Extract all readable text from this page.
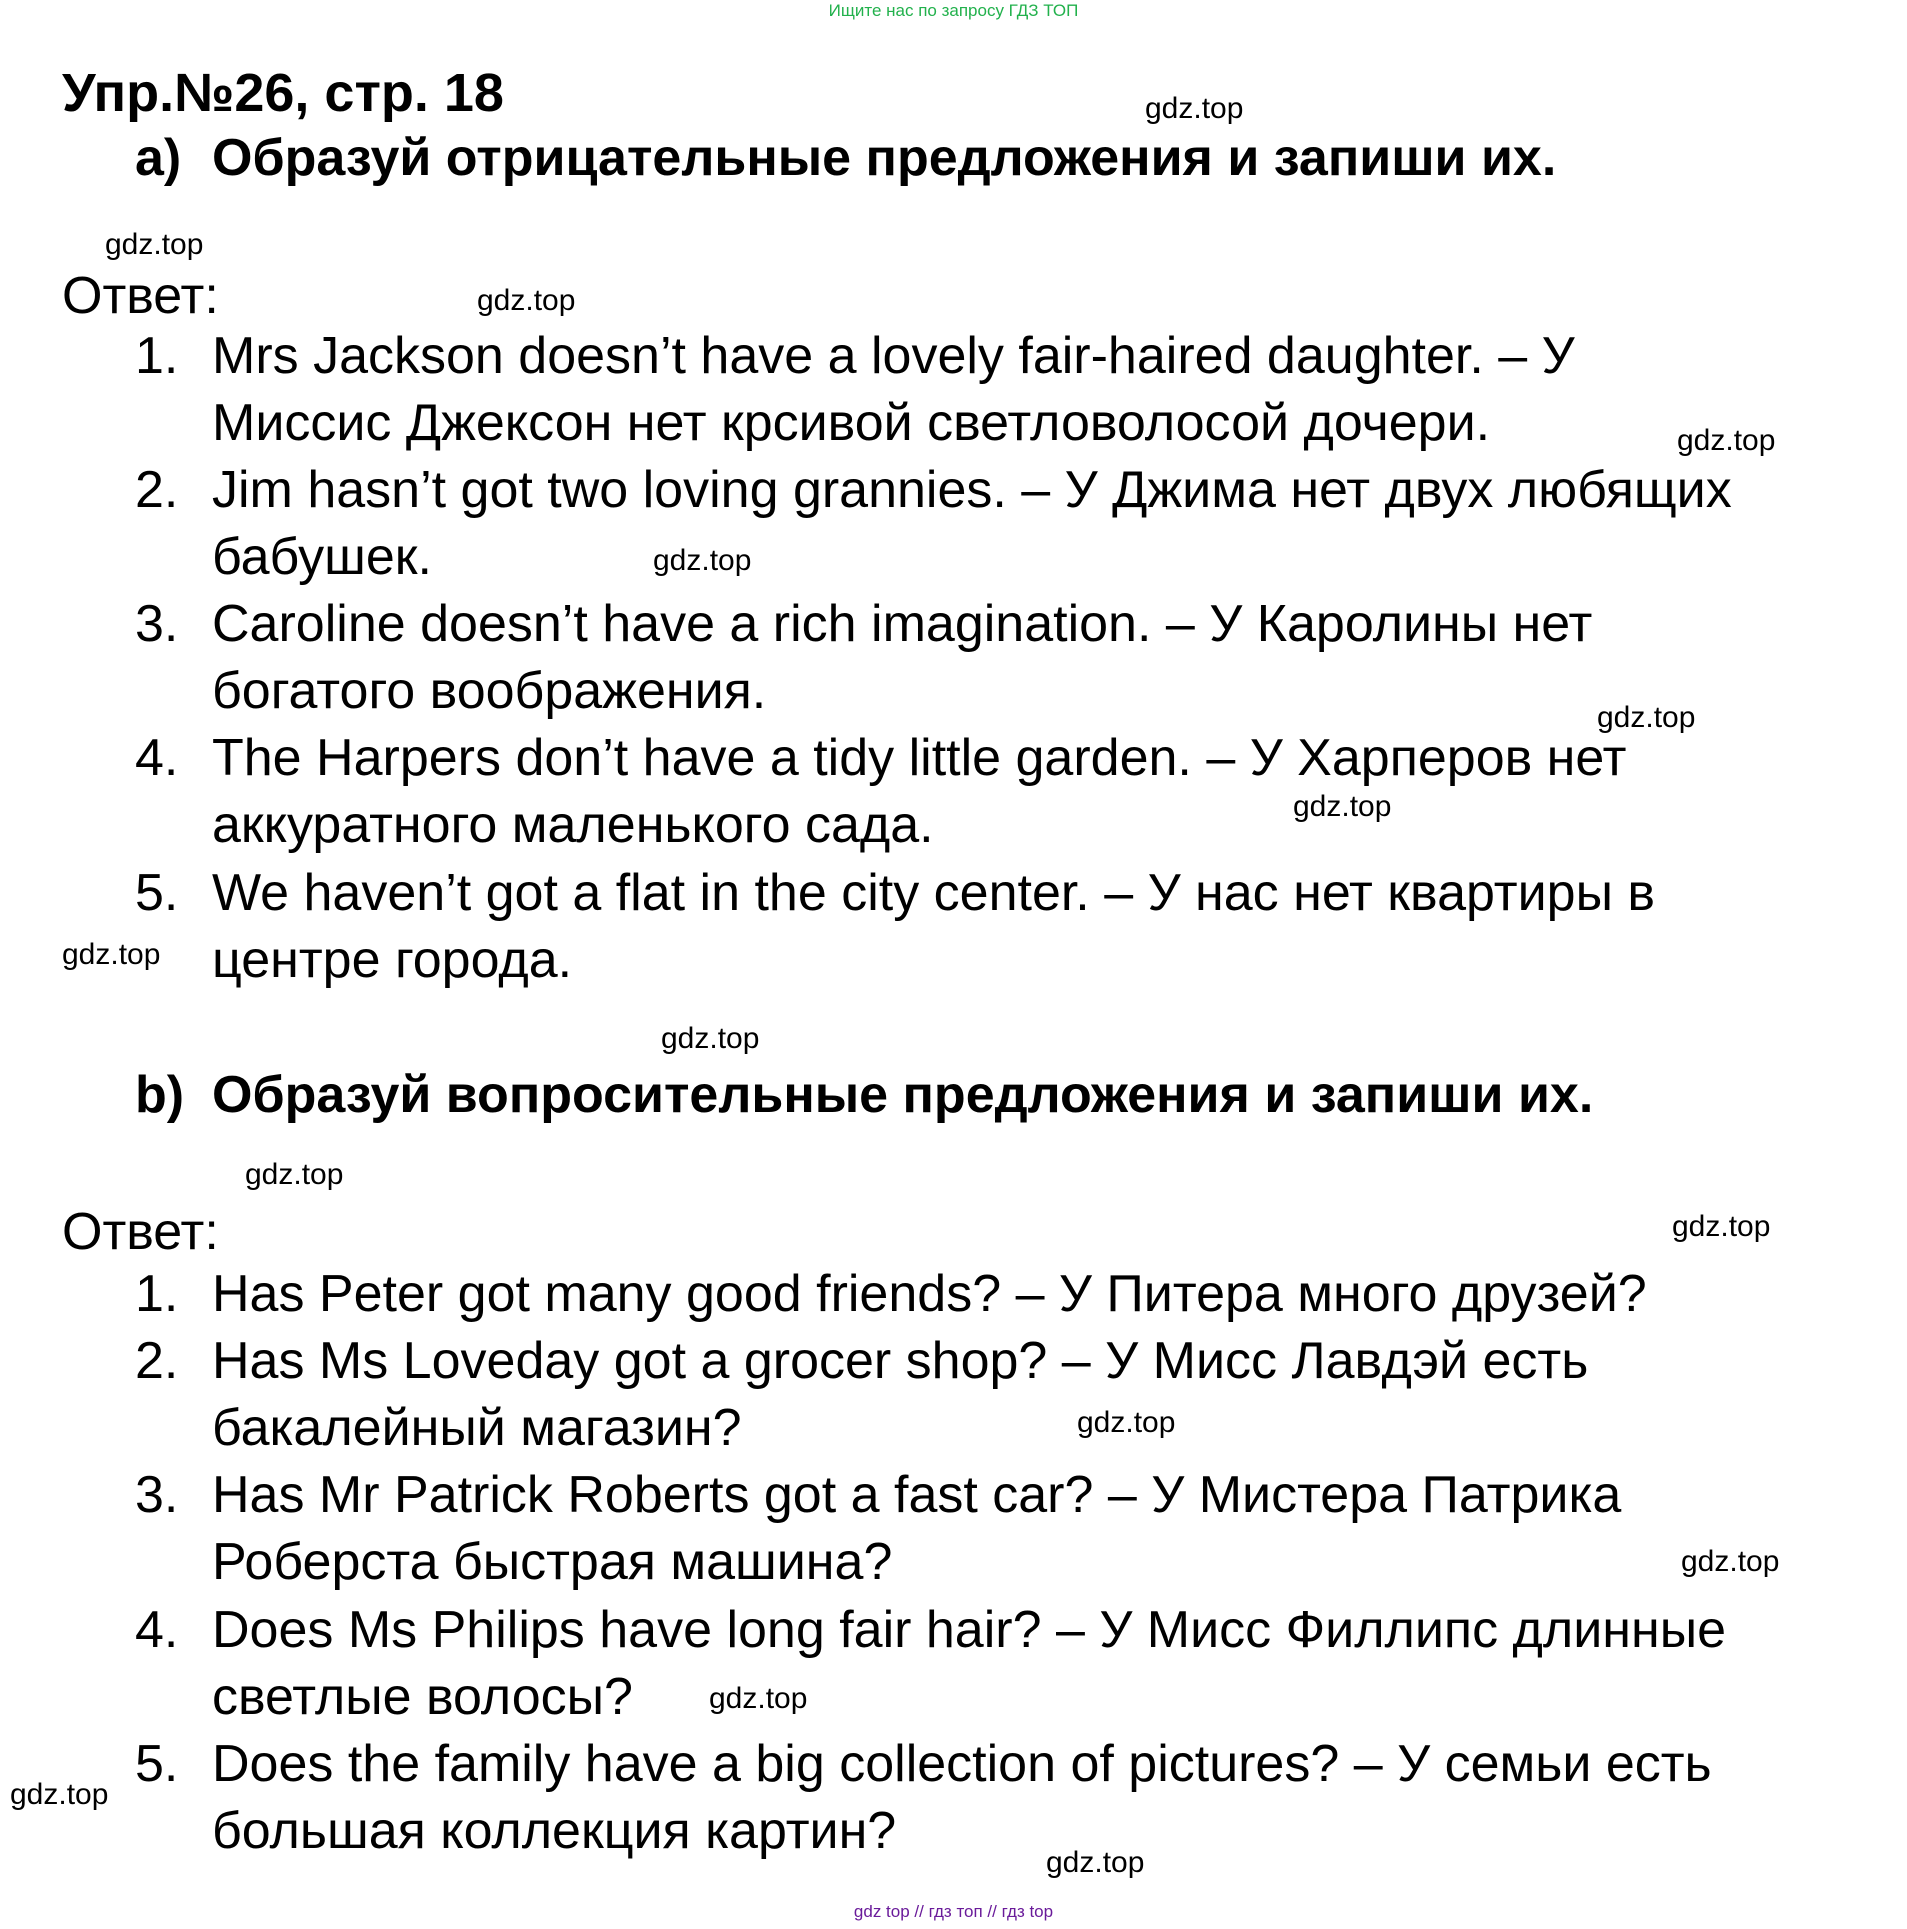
Ищите нас по запросу ГДЗ ТОП
Упр.№26, стр. 18
a) Образуй отрицательные предложения и запиши их.
Ответ:
1. Mrs Jackson doesn’t have a lovely fair-haired daughter. – У
Миссис Джексон нет крсивой светловолосой дочери.
2. Jim hasn’t got two loving grannies. – У Джима нет двух любящих
бабушек.
3. Caroline doesn’t have a rich imagination. – У Каролины нет
богатого воображения.
4. The Harpers don’t have a tidy little garden. – У Харперов нет
аккуратного маленького сада.
5. We haven’t got a flat in the city center. – У нас нет квартиры в
центре города.
b) Образуй вопросительные предложения и запиши их.
Ответ:
1. Has Peter got many good friends? – У Питера много друзей?
2. Has Ms Loveday got a grocer shop? – У Мисс Лавдэй есть
бакалейный магазин?
3. Has Mr Patrick Roberts got a fast car? – У Мистера Патрика
Роберста быстрая машина?
4. Does Ms Philips have long fair hair? – У Мисс Филлипс длинные
светлые волосы?
5. Does the family have a big collection of pictures? – У семьи есть
большая коллекция картин?
gdz.top
gdz.top
gdz.top
gdz.top
gdz.top
gdz.top
gdz.top
gdz.top
gdz.top
gdz.top
gdz.top
gdz.top
gdz.top
gdz.top
gdz.top
gdz.top
gdz top // гдз топ // гдз top
